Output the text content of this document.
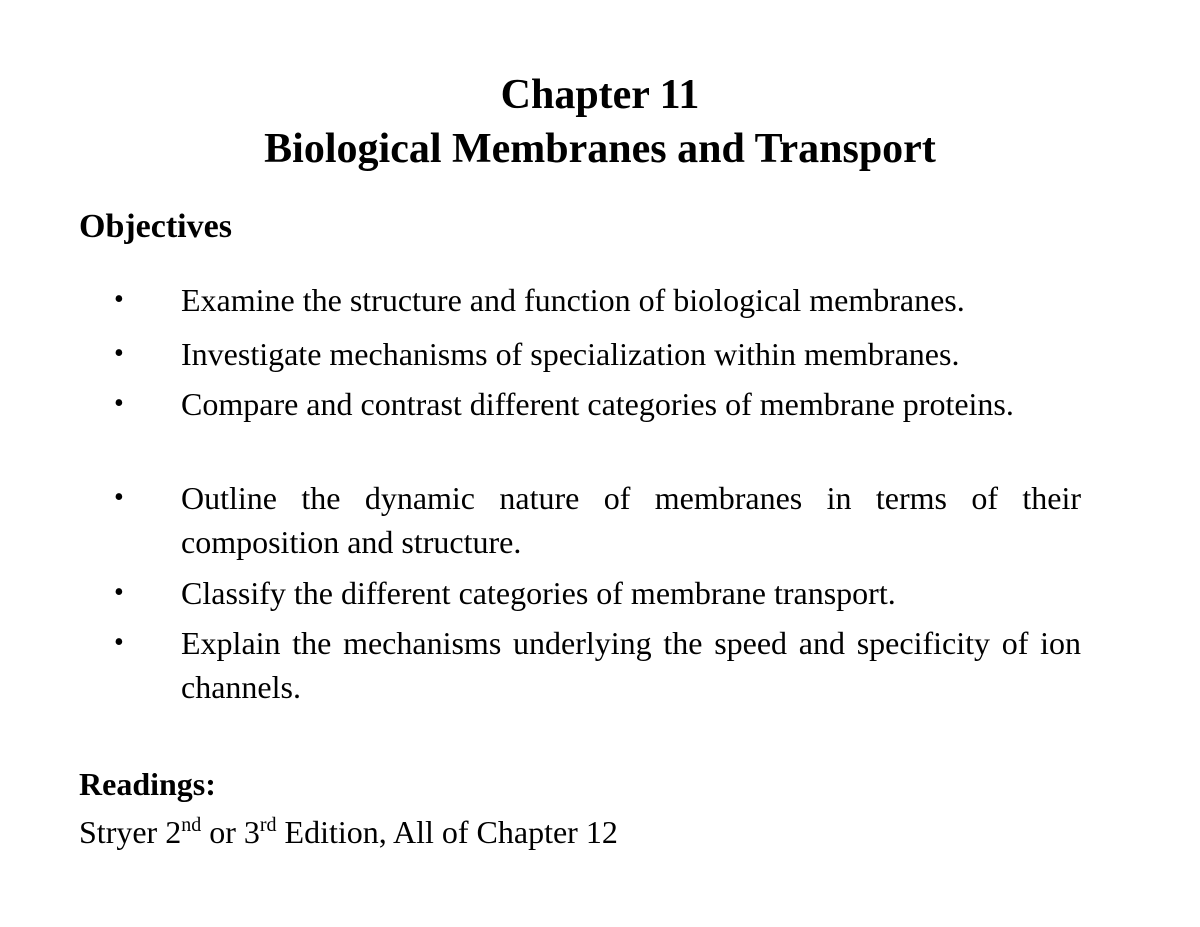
Chapter 11
Biological Membranes and Transport
Objectives
•	Examine the structure and function of biological membranes.

•	Investigate mechanisms of specialization within membranes.

•	Compare and contrast different categories of membrane proteins.

•	Outline the dynamic nature of membranes in terms of their composition and structure.

•	Classify the different categories of membrane transport.

•	Explain the mechanisms underlying the speed and specificity of ion channels.

Readings:

Stryer 2nd or 3rd Edition, All of Chapter 12
